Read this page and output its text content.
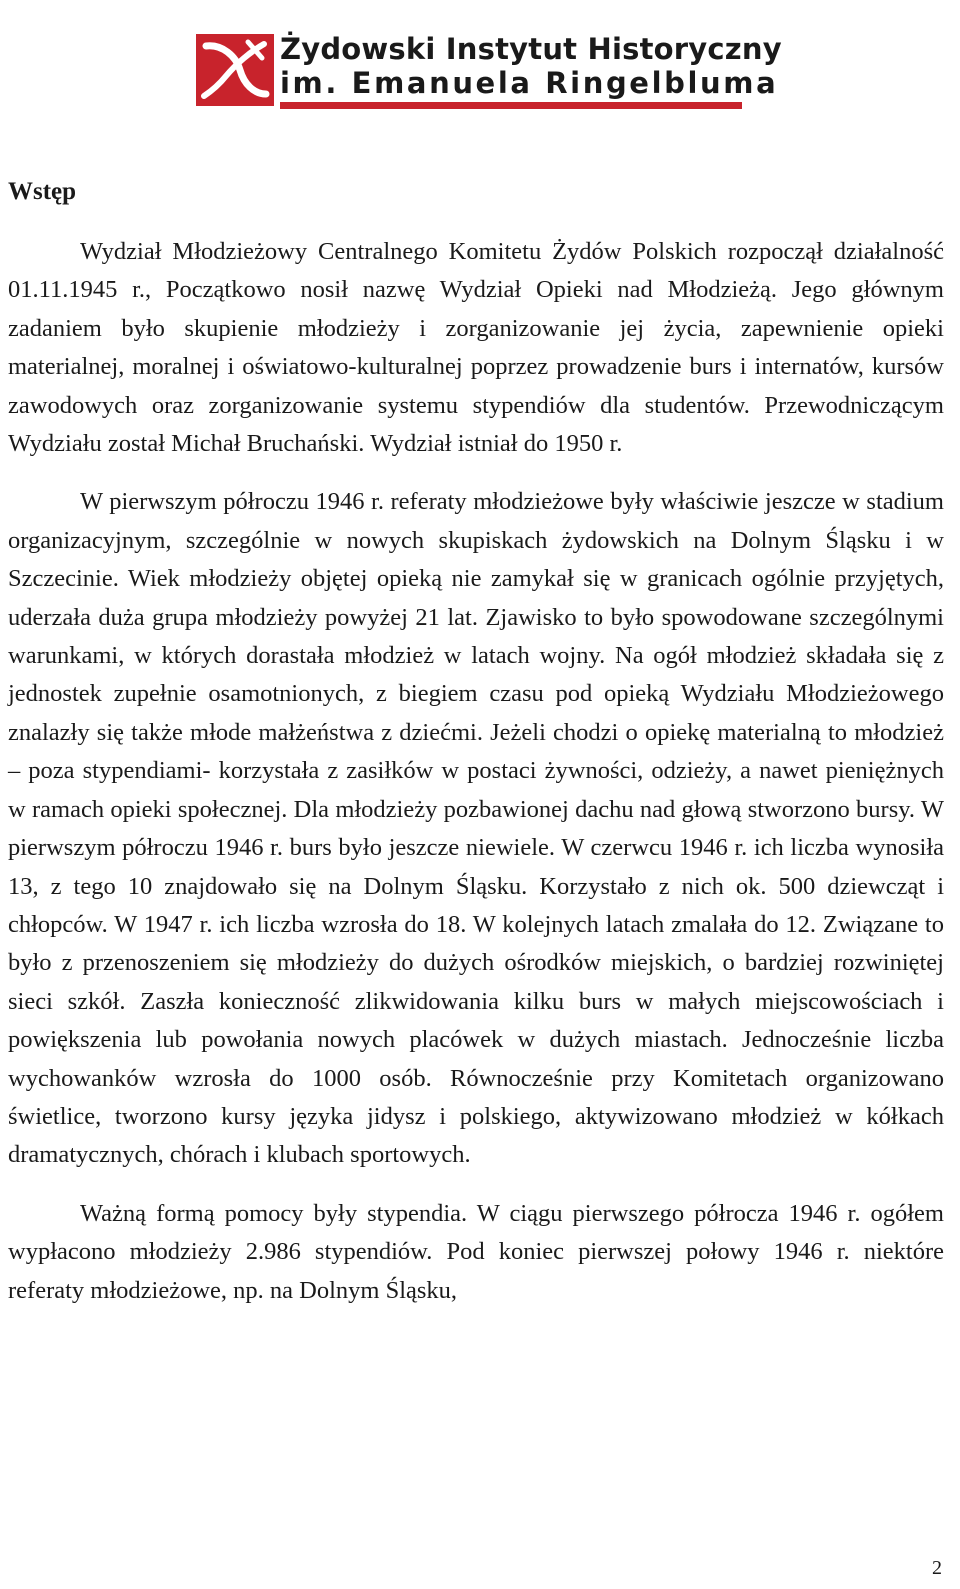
Żydowski Instytut Historyczny
im. Emanuela Ringelbluma
Wstęp

Wydział Młodzieżowy Centralnego Komitetu Żydów Polskich rozpoczął działalność 01.11.1945 r., Początkowo nosił nazwę Wydział Opieki nad Młodzieżą. Jego głównym zadaniem było skupienie młodzieży i zorganizowanie jej życia, zapewnienie opieki materialnej, moralnej i oświatowo-kulturalnej poprzez prowadzenie burs i internatów, kursów zawodowych oraz zorganizowanie systemu stypendiów dla studentów. Przewodniczącym Wydziału został Michał Bruchański. Wydział istniał do 1950 r.

W pierwszym półroczu 1946 r. referaty młodzieżowe były właściwie jeszcze w stadium organizacyjnym, szczególnie w nowych skupiskach żydowskich na Dolnym Śląsku i w Szczecinie. Wiek młodzieży objętej opieką nie zamykał się w granicach ogólnie przyjętych, uderzała duża grupa młodzieży powyżej 21 lat. Zjawisko to było spowodowane szczególnymi warunkami, w których dorastała młodzież w latach wojny. Na ogół młodzież składała się z jednostek zupełnie osamotnionych, z biegiem czasu pod opieką Wydziału Młodzieżowego znalazły się także młode małżeństwa z dziećmi. Jeżeli chodzi o opiekę materialną to młodzież – poza stypendiami- korzystała z zasiłków w postaci żywności, odzieży, a nawet pieniężnych w ramach opieki społecznej. Dla młodzieży pozbawionej dachu nad głową stworzono bursy. W pierwszym półroczu 1946 r. burs było jeszcze niewiele. W czerwcu 1946 r. ich liczba wynosiła 13, z tego 10 znajdowało się na Dolnym Śląsku. Korzystało z nich ok. 500 dziewcząt i chłopców. W 1947 r. ich liczba wzrosła do 18. W kolejnych latach zmalała do 12. Związane to było z przenoszeniem się młodzieży do dużych ośrodków miejskich, o bardziej rozwiniętej sieci szkół. Zaszła konieczność zlikwidowania kilku burs w małych miejscowościach i powiększenia lub powołania nowych placówek w dużych miastach. Jednocześnie liczba wychowanków wzrosła do 1000 osób. Równocześnie przy Komitetach organizowano świetlice, tworzono kursy języka jidysz i polskiego, aktywizowano młodzież w kółkach dramatycznych, chórach i klubach sportowych.

Ważną formą pomocy były stypendia. W ciągu pierwszego półrocza 1946 r. ogółem wypłacono młodzieży 2.986 stypendiów. Pod koniec pierwszej połowy 1946 r. niektóre referaty młodzieżowe, np. na Dolnym Śląsku,

2
